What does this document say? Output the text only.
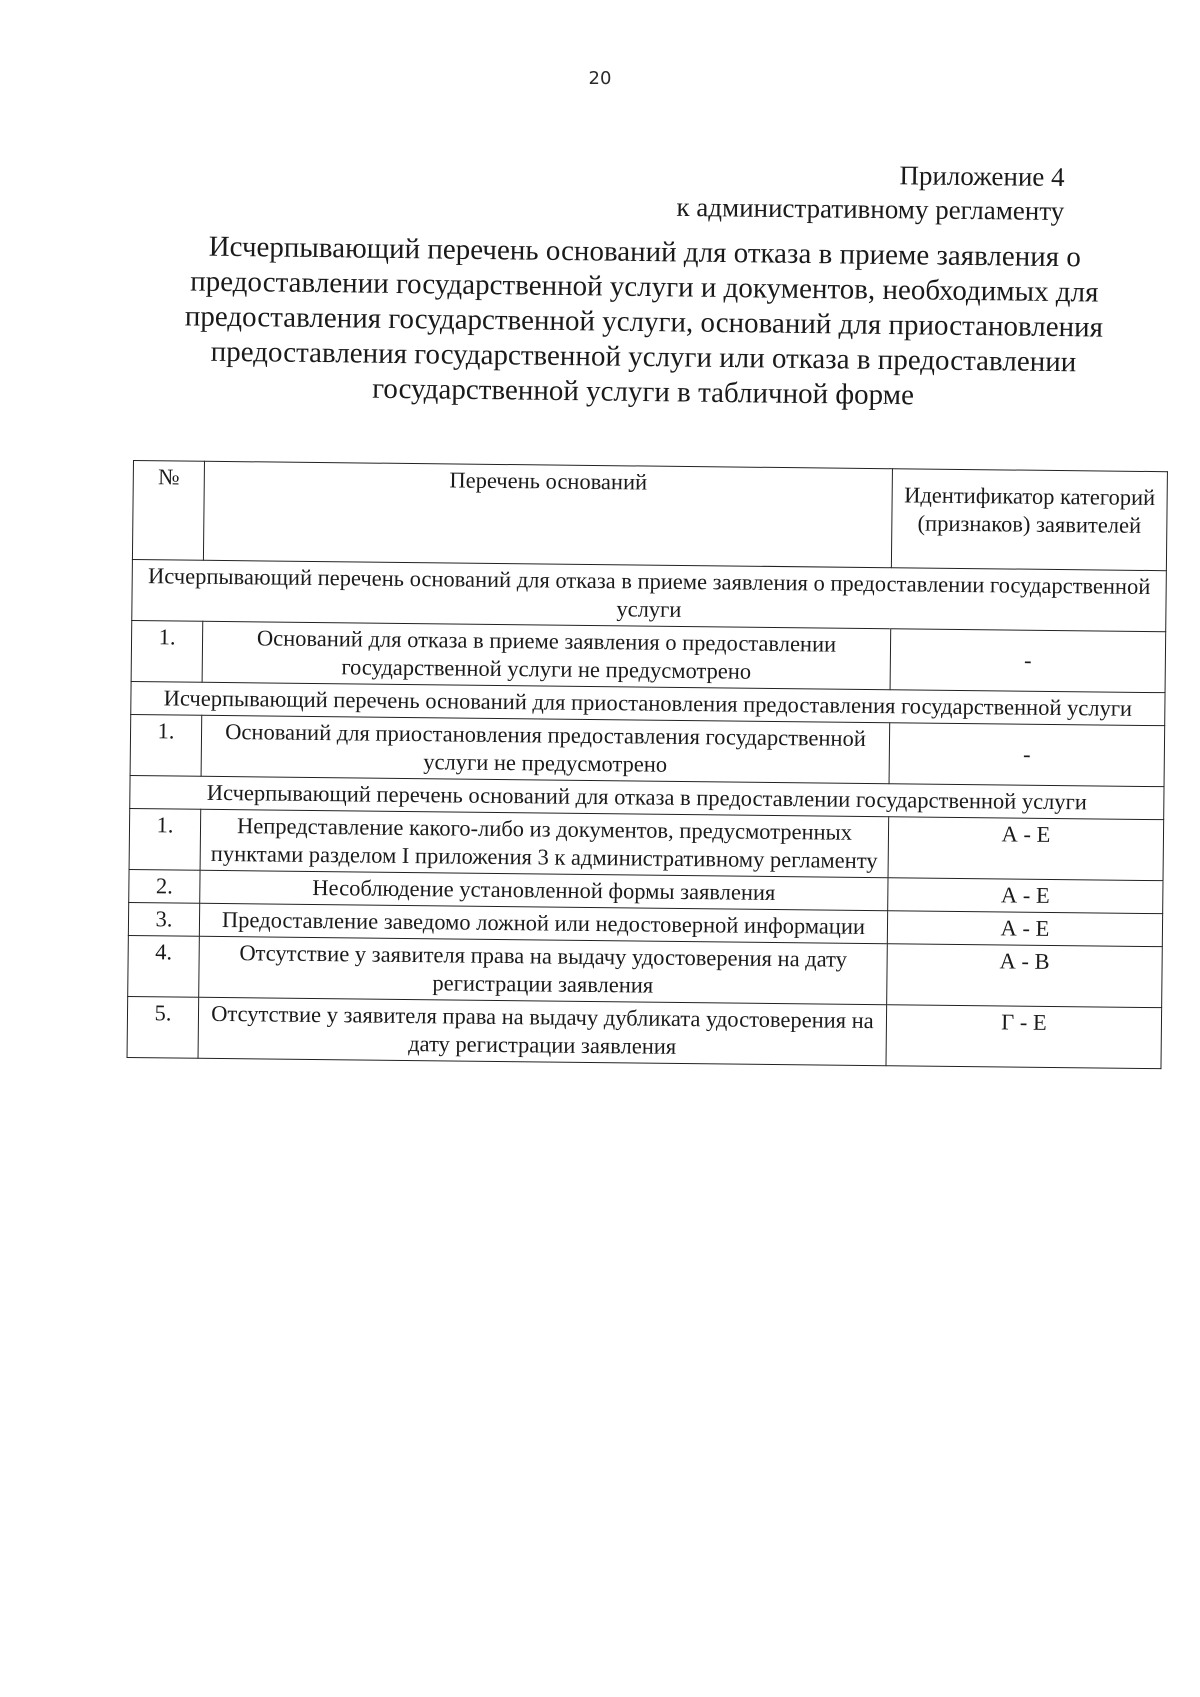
20
Приложение 4
к административному регламенту
Исчерпывающий перечень оснований для отказа в приеме заявления о
предоставлении государственной услуги и документов, необходимых для
предоставления государственной услуги, оснований для приостановления
предоставления государственной услуги или отказа в предоставлении
государственной услуги в табличной форме
№	Перечень оснований	Идентификатор категорий (признаков) заявителей
Исчерпывающий перечень оснований для отказа в приеме заявления о предоставлении государственной услуги		
1.	Оснований для отказа в приеме заявления о предоставлении государственной услуги не предусмотрено	-
Исчерпывающий перечень оснований для приостановления предоставления государственной услуги		
1.	Оснований для приостановления предоставления государственной услуги не предусмотрено	-
Исчерпывающий перечень оснований для отказа в предоставлении государственной услуги		
1.	Непредставление какого-либо из документов, предусмотренных пунктами разделом I приложения 3 к административному регламенту	А - Е
2.	Несоблюдение установленной формы заявления	А - Е
3.	Предоставление заведомо ложной или недостоверной информации	А - Е
4.	Отсутствие у заявителя права на выдачу удостоверения на дату регистрации заявления	А - В
5.	Отсутствие у заявителя права на выдачу дубликата удостоверения на дату регистрации заявления	Г - Е
